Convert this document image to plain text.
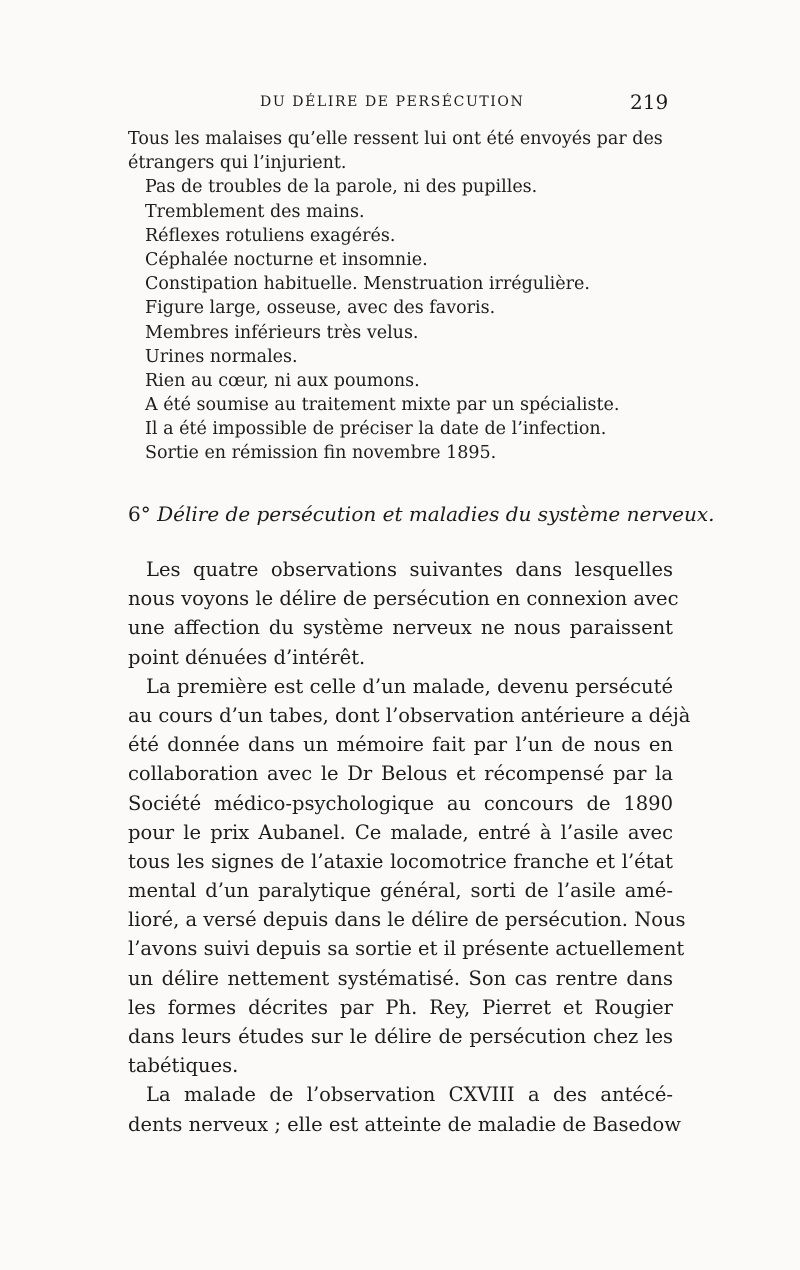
DU DÉLIRE DE PERSÉCUTION	219
Tous les malaises qu’elle ressent lui ont été envoyés par des
étrangers qui l’injurient.
Pas de troubles de la parole, ni des pupilles.
Tremblement des mains.
Réflexes rotuliens exagérés.
Céphalée nocturne et insomnie.
Constipation habituelle. Menstruation irrégulière.
Figure large, osseuse, avec des favoris.
Membres inférieurs très velus.
Urines normales.
Rien au cœur, ni aux poumons.
A été soumise au traitement mixte par un spécialiste.
Il a été impossible de préciser la date de l’infection.
Sortie en rémission fin novembre 1895.
6° Délire de persécution et maladies du système nerveux.
Les quatre observations suivantes dans lesquelles
nous voyons le délire de persécution en connexion avec
une affection du système nerveux ne nous paraissent
point dénuées d’intérêt.
La première est celle d’un malade, devenu persécuté
au cours d’un tabes, dont l’observation antérieure a déjà
été donnée dans un mémoire fait par l’un de nous en
collaboration avec le Dr Belous et récompensé par la
Société médico-psychologique au concours de 1890
pour le prix Aubanel. Ce malade, entré à l’asile avec
tous les signes de l’ataxie locomotrice franche et l’état
mental d’un paralytique général, sorti de l’asile amé-
lioré, a versé depuis dans le délire de persécution. Nous
l’avons suivi depuis sa sortie et il présente actuellement
un délire nettement systématisé. Son cas rentre dans
les formes décrites par Ph. Rey, Pierret et Rougier
dans leurs études sur le délire de persécution chez les
tabétiques.
La malade de l’observation CXVIII a des antécé-
dents nerveux ; elle est atteinte de maladie de Basedow
